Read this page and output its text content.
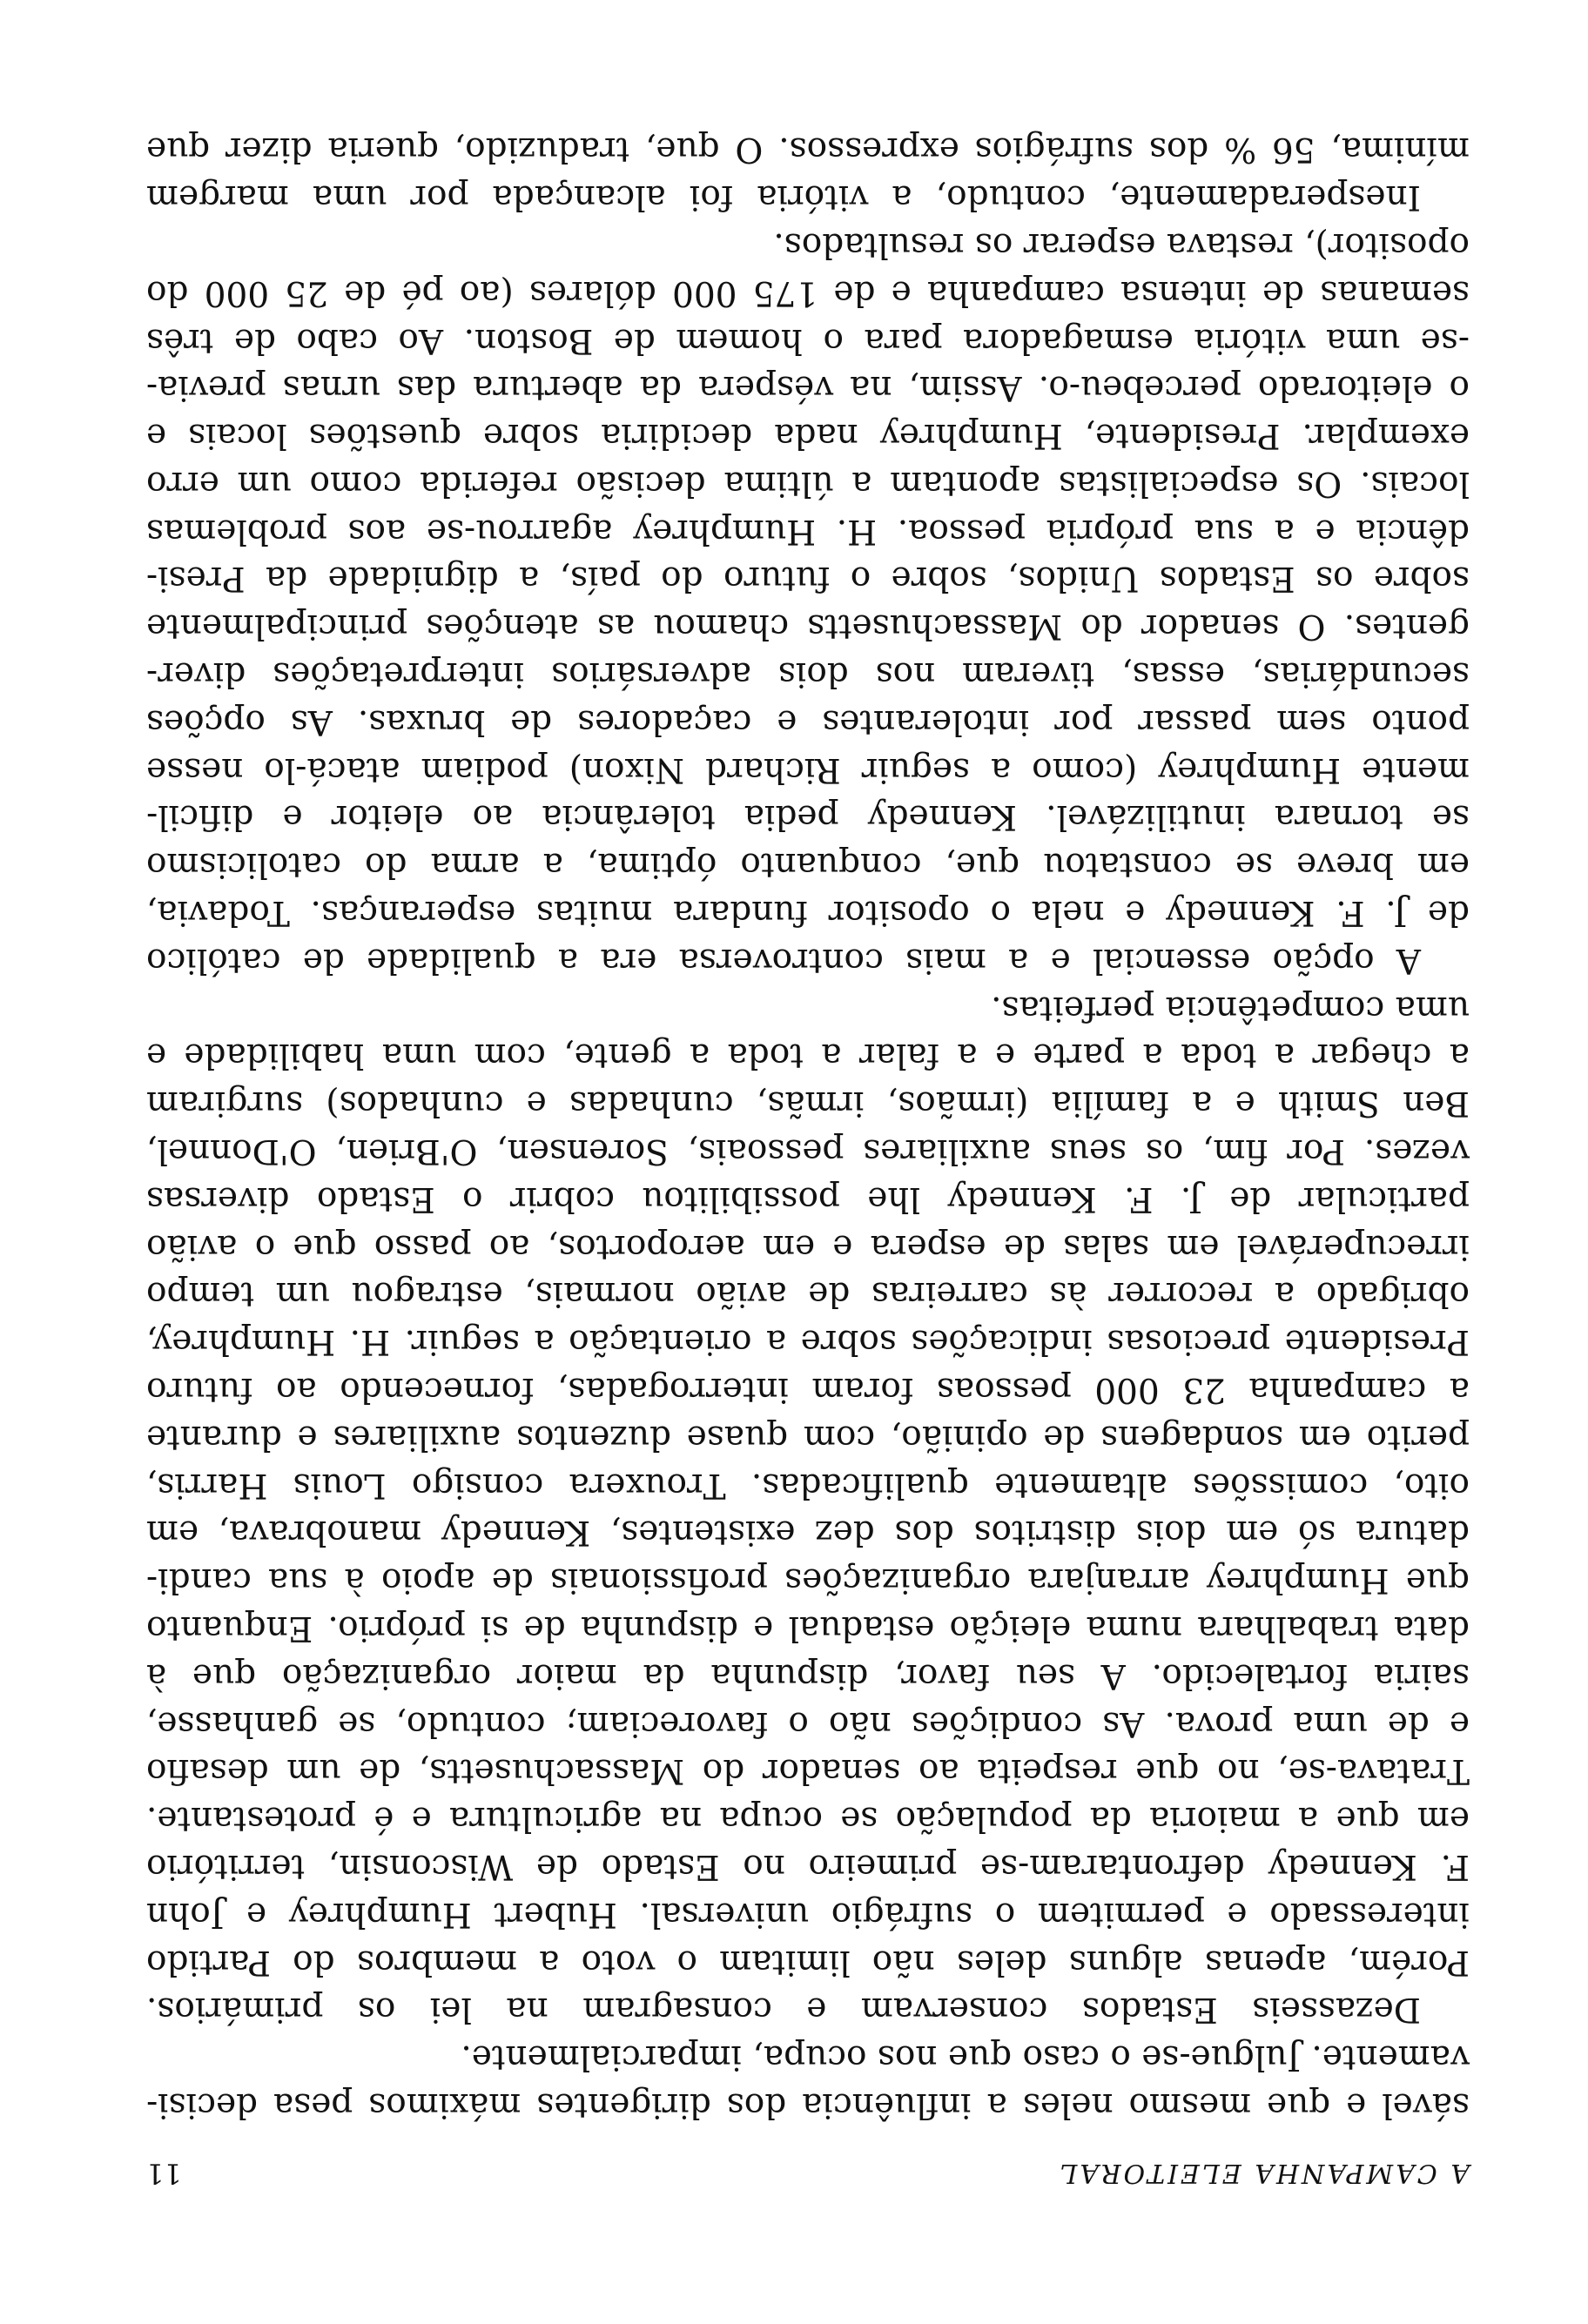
A CAMPANHA ELEITORAL
11
sável e que mesmo neles a influência dos dirigentes máximos pesa decisi-
vamente. Julgue-se o caso que nos ocupa, imparcialmente.
Dezasseis Estados conservam e consagram na lei os primários.
Porém, apenas alguns deles não limitam o voto a membros do Partido
interessado e permitem o sufrágio universal. Hubert Humphrey e John
F. Kennedy defrontaram-se primeiro no Estado de Wisconsin, território
em que a maioria da população se ocupa na agricultura e é protestante.
Tratava-se, no que respeita ao senador do Massachusetts, de um desafio
e de uma prova. As condições não o favoreciam; contudo, se ganhasse,
sairia fortalecido. A seu favor, dispunha da maior organização que à
data trabalhara numa eleição estadual e dispunha de si próprio. Enquanto
que Humphrey arranjara organizações profissionais de apoio à sua candi-
datura só em dois distritos dos dez existentes, Kennedy manobrava, em
oito, comissões altamente qualificadas. Trouxera consigo Louis Harris,
perito em sondagens de opinião, com quase duzentos auxiliares e durante
a campanha 23 000 pessoas foram interrogadas, fornecendo ao futuro
Presidente preciosas indicações sobre a orientação a seguir. H. Humphrey,
obrigado a recorrer às carreiras de avião normais, estragou um tempo
irrecuperável em salas de espera e em aeroportos, ao passo que o avião
particular de J. F. Kennedy lhe possibilitou cobrir o Estado diversas
vezes. Por fim, os seus auxiliares pessoais, Sorensen, O'Brien, O'Donnel,
Ben Smith e a família (irmãos, irmãs, cunhadas e cunhados) surgiram
a chegar a toda a parte e a falar a toda a gente, com uma habilidade e
uma competência perfeitas.
A opção essencial e a mais controversa era a qualidade de católico
de J. F. Kennedy e nela o opositor fundara muitas esperanças. Todavia,
em breve se constatou que, conquanto óptima, a arma do catolicismo
se tornara inutilizável. Kennedy pedia tolerância ao eleitor e dificil-
mente Humphrey (como a seguir Richard Nixon) podiam atacá-lo nesse
ponto sem passar por intolerantes e caçadores de bruxas. As opções
secundárias, essas, tiveram nos dois adversários interpretações diver-
gentes. O senador do Massachusetts chamou as atenções principalmente
sobre os Estados Unidos, sobre o futuro do país, a dignidade da Presi-
dência e a sua própria pessoa. H. Humphrey agarrou-se aos problemas
locais. Os especialistas apontam a última decisão referida como um erro
exemplar. Presidente, Humphrey nada decidiria sobre questões locais e
o eleitorado percebeu-o. Assim, na véspera da abertura das urnas previa-
-se uma vitória esmagadora para o homem de Boston. Ao cabo de três
semanas de intensa campanha e de 175 000 dólares (ao pé de 25 000 do
opositor), restava esperar os resultados.
Inesperadamente, contudo, a vitória foi alcançada por uma margem
mínima, 56 % dos sufrágios expressos. O que, traduzido, queria dizer que
